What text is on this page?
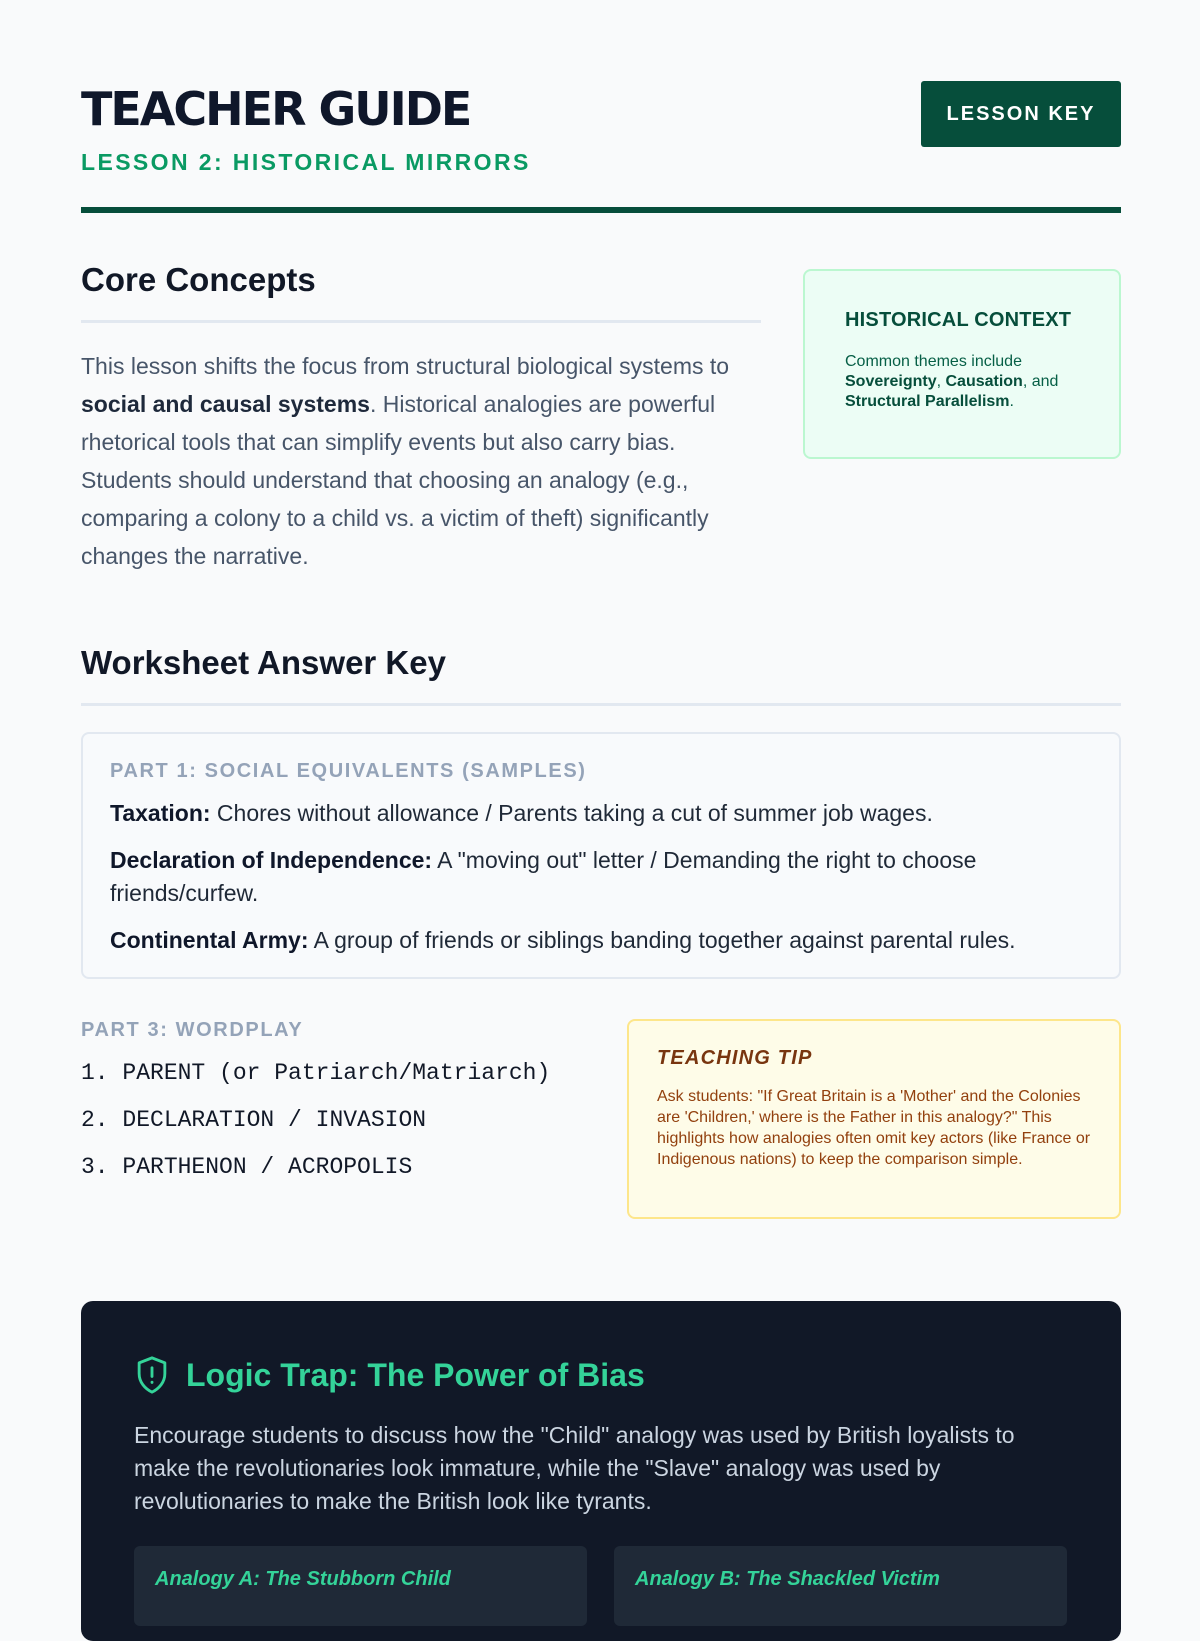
TEACHER GUIDE
LESSON 2: HISTORICAL MIRRORS
LESSON KEY
Core Concepts

This lesson shifts the focus from structural biological systems to social and causal systems. Historical analogies are powerful rhetorical tools that can simplify events but also carry bias. Students should understand that choosing an analogy (e.g., comparing a colony to a child vs. a victim of theft) significantly changes the narrative.

HISTORICAL CONTEXT
Common themes include Sovereignty, Causation, and Structural Parallelism.
Worksheet Answer Key
PART 1: SOCIAL EQUIVALENTS (SAMPLES)
Taxation: Chores without allowance / Parents taking a cut of summer job wages.
Declaration of Independence: A "moving out" letter / Demanding the right to choose friends/curfew.
Continental Army: A group of friends or siblings banding together against parental rules.
PART 3: WORDPLAY
1. PARENT (or Patriarch/Matriarch)
2. DECLARATION / INVASION
3. PARTHENON / ACROPOLIS
TEACHING TIP
Ask students: "If Great Britain is a 'Mother' and the Colonies are 'Children,' where is the Father in this analogy?" This highlights how analogies often omit key actors (like France or Indigenous nations) to keep the comparison simple.
Logic Trap: The Power of Bias
Encourage students to discuss how the "Child" analogy was used by British loyalists to make the revolutionaries look immature, while the "Slave" analogy was used by revolutionaries to make the British look like tyrants.
Analogy A: The Stubborn Child	Analogy B: The Shackled Victim
